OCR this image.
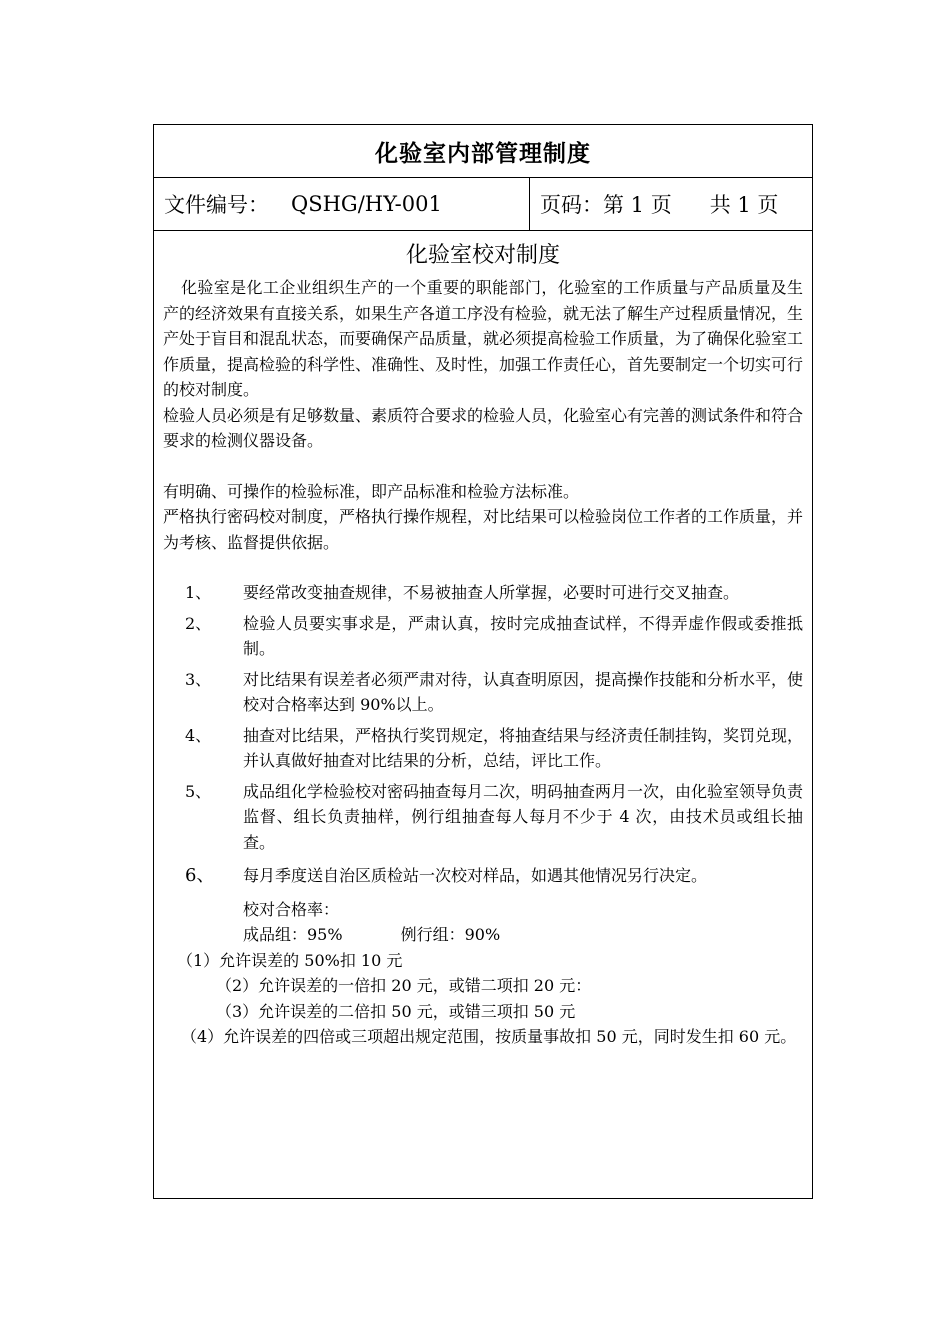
化验室内部管理制度
文件编号： QSHG/HY-001	页码：第 1 页 共 1 页
化验室校对制度

化验室是化工企业组织生产的一个重要的职能部门，化验室的工作质量与产品质量及生产的经济效果有直接关系，如果生产各道工序没有检验，就无法了解生产过程质量情况，生产处于盲目和混乱状态，而要确保产品质量，就必须提高检验工作质量，为了确保化验室工作质量，提高检验的科学性、准确性、及时性，加强工作责任心，首先要制定一个切实可行的校对制度。

检验人员必须是有足够数量、素质符合要求的检验人员，化验室心有完善的测试条件和符合要求的检测仪器设备。

有明确、可操作的检验标准，即产品标准和检验方法标准。

严格执行密码校对制度，严格执行操作规程，对比结果可以检验岗位工作者的工作质量，并为考核、监督提供依据。

1、	要经常改变抽查规律，不易被抽查人所掌握，必要时可进行交叉抽查。
2、	检验人员要实事求是，严肃认真，按时完成抽查试样，不得弄虚作假或委推抵制。
3、	对比结果有误差者必须严肃对待，认真查明原因，提高操作技能和分析水平，使校对合格率达到 90%以上。
4、	抽查对比结果，严格执行奖罚规定，将抽查结果与经济责任制挂钩，奖罚兑现，并认真做好抽查对比结果的分析，总结，评比工作。
5、	成品组化学检验校对密码抽查每月二次，明码抽查两月一次，由化验室领导负责监督、组长负责抽样，例行组抽查每人每月不少于 4 次，由技术员或组长抽查。
6、	每月季度送自治区质检站一次校对样品，如遇其他情况另行决定。
校对合格率：
成品组：95%	例行组：90%
（1）允许误差的 50%扣 10 元
（2）允许误差的一倍扣 20 元，或错二项扣 20 元：
（3）允许误差的二倍扣 50 元，或错三项扣 50 元

（4）允许误差的四倍或三项超出规定范围，按质量事故扣 50 元，同时发生扣 60 元。
